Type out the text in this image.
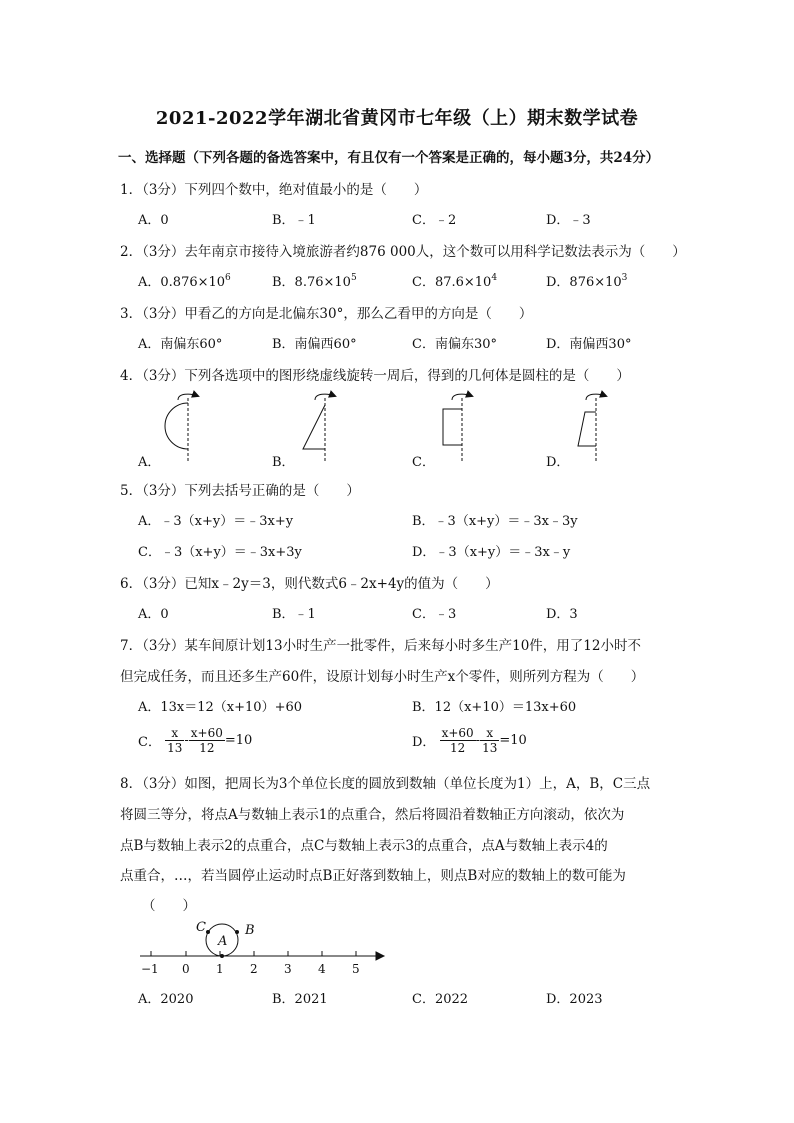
2021-2022学年湖北省黄冈市七年级（上）期末数学试卷
一、选择题（下列各题的备选答案中，有且仅有一个答案是正确的，每小题3分，共24分）
1．（3分）下列四个数中，绝对值最小的是（　　）
A．0	B．﹣1	C．﹣2	D．﹣3
2．（3分）去年南京市接待入境旅游者约876 000人，这个数可以用科学记数法表示为（　　）
A．$0.876\times 10^6$	B．$8.76\times 10^5$	C．$87.6\times 10^4$	D．$876\times 10^3$
3．（3分）甲看乙的方向是北偏东30°，那么乙看甲的方向是（　　）
A．南偏东60°	B．南偏西60°	C．南偏东30°	D．南偏西30°
4．（3分）下列各选项中的图形绕虚线旋转一周后，得到的几何体是圆柱的是（　　）
A．	B．	C．	D．
5．（3分）下列去括号正确的是（　　）
A．﹣3（x+y）＝﹣3x+y	B．﹣3（x+y）＝﹣3x﹣3y
C．﹣3（x+y）＝﹣3x+3y	D．﹣3（x+y）＝﹣3x﹣y
6．（3分）已知x﹣2y＝3，则代数式6﹣2x+4y的值为（　　）
A．0	B．﹣1	C．﹣3	D．3
7．（3分）某车间原计划13小时生产一批零件，后来每小时多生产10件，用了12小时不
但完成任务，而且还多生产60件，设原计划每小时生产x个零件，则所列方程为（　　）
A．13x＝12（x+10）+60	B．12（x+10）＝13x+60
C． $\frac{x}{13} - \frac{x+60}{12} =10$	D． $\frac{x+60}{12} - \frac{x}{13} =10$
8．（3分）如图，把周长为3个单位长度的圆放到数轴（单位长度为1）上，A，B，C三点
将圆三等分，将点A与数轴上表示1的点重合，然后将圆沿着数轴正方向滚动，依次为
点B与数轴上表示2的点重合，点C与数轴上表示3的点重合，点A与数轴上表示4的
点重合，…，若当圆停止运动时点B正好落到数轴上，则点B对应的数轴上的数可能为
（　　）
C
A
B
−1 0 1 2 3 4 5
A．2020	B．2021	C．2022	D．2023
